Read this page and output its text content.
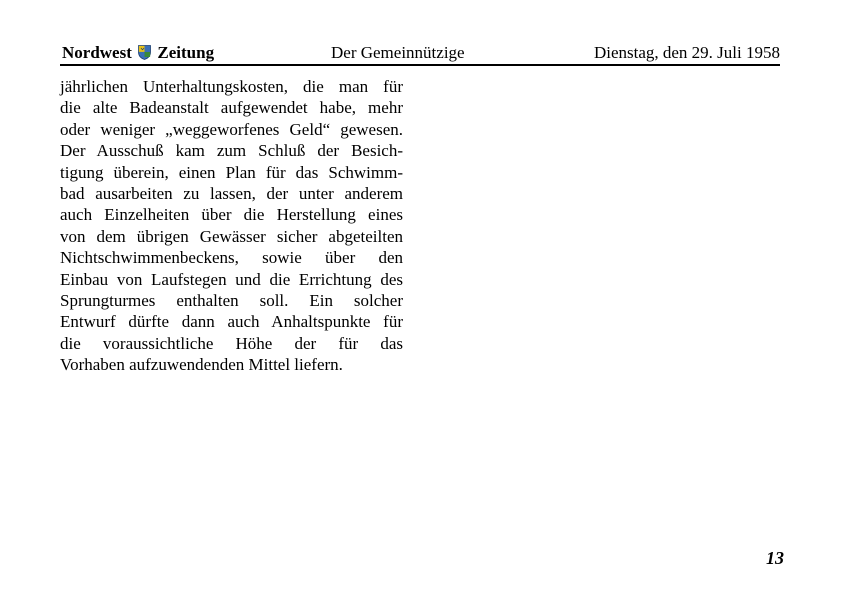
Nordwest Zeitung	Der Gemeinnützige	Dienstag, den 29. Juli 1958
jährlichen Unterhaltungskosten, die man für
die alte Badeanstalt aufgewendet habe, mehr
oder weniger „weggeworfenes Geld“ gewesen.
Der Ausschuß kam zum Schluß der Besich-
tigung überein, einen Plan für das Schwimm-
bad ausarbeiten zu lassen, der unter anderem
auch Einzelheiten über die Herstellung eines
von dem übrigen Gewässer sicher abgeteilten
Nichtschwimmenbeckens, sowie über den
Einbau von Laufstegen und die Errichtung des
Sprungturmes enthalten soll. Ein solcher
Entwurf dürfte dann auch Anhaltspunkte für
die voraussichtliche Höhe der für das
Vorhaben aufzuwendenden Mittel liefern.
13
